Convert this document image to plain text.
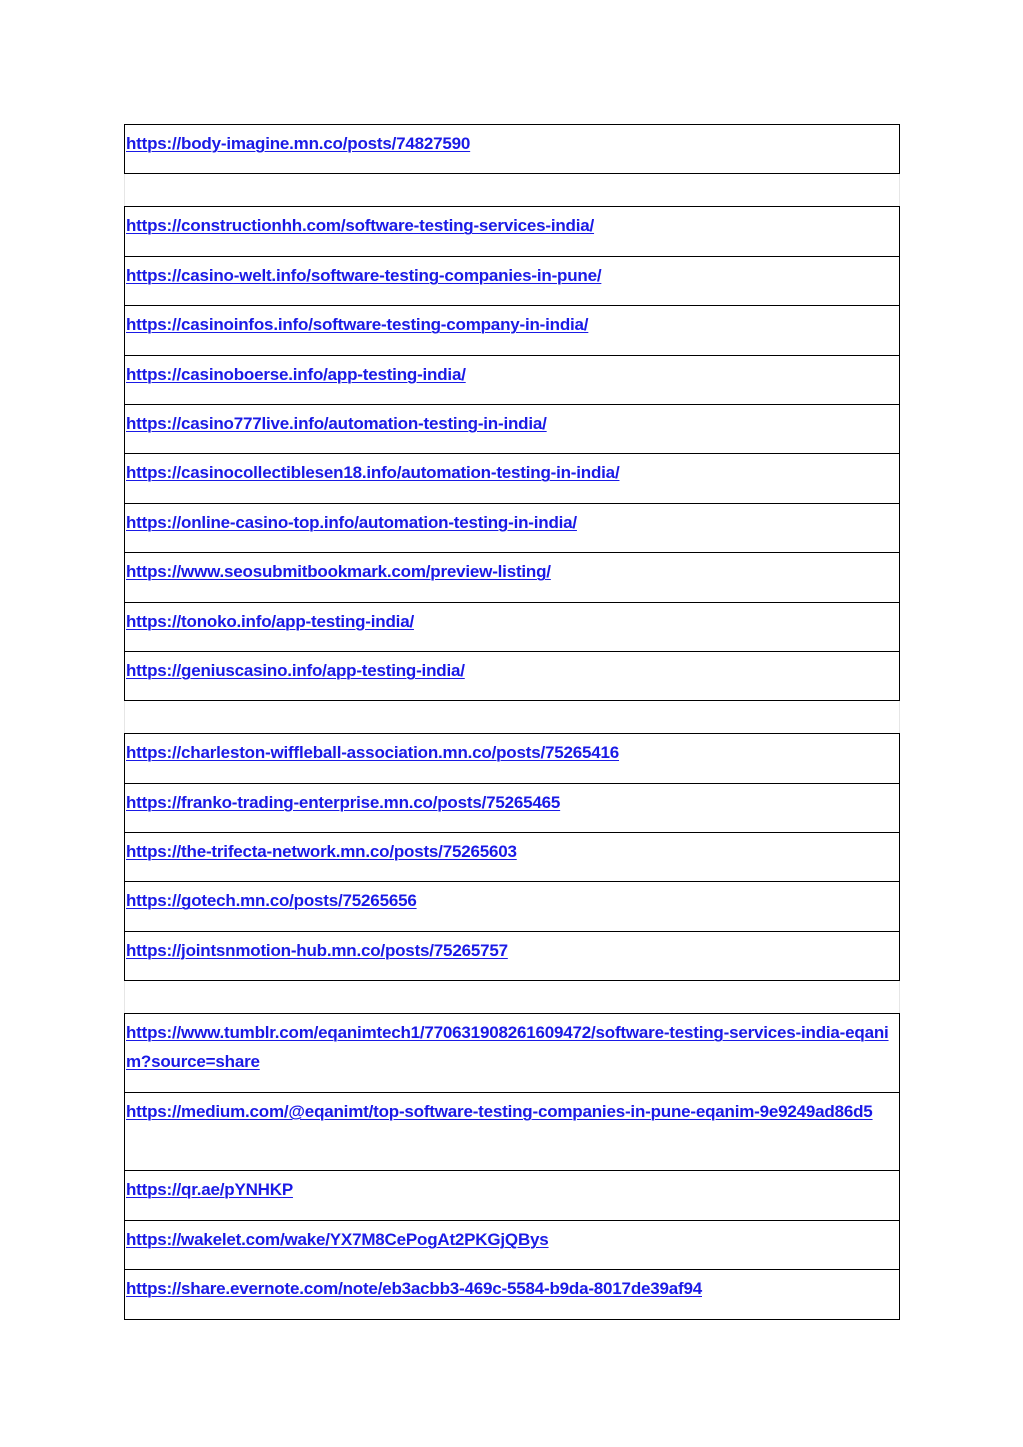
https://body-imagine.mn.co/posts/74827590
https://constructionhh.com/software-testing-services-india/
https://casino-welt.info/software-testing-companies-in-pune/
https://casinoinfos.info/software-testing-company-in-india/
https://casinoboerse.info/app-testing-india/
https://casino777live.info/automation-testing-in-india/
https://casinocollectiblesen18.info/automation-testing-in-india/
https://online-casino-top.info/automation-testing-in-india/
https://www.seosubmitbookmark.com/preview-listing/
https://tonoko.info/app-testing-india/
https://geniuscasino.info/app-testing-india/
https://charleston-wiffleball-association.mn.co/posts/75265416
https://franko-trading-enterprise.mn.co/posts/75265465
https://the-trifecta-network.mn.co/posts/75265603
https://gotech.mn.co/posts/75265656
https://jointsnmotion-hub.mn.co/posts/75265757
https://www.tumblr.com/eqanimtech1/770631908261609472/software-testing-services-india-eqanim?source=share
https://medium.com/@eqanimt/top-software-testing-companies-in-pune-eqanim-9e9249ad86d5
https://qr.ae/pYNHKP
https://wakelet.com/wake/YX7M8CePogAt2PKGjQBys
https://share.evernote.com/note/eb3acbb3-469c-5584-b9da-8017de39af94
